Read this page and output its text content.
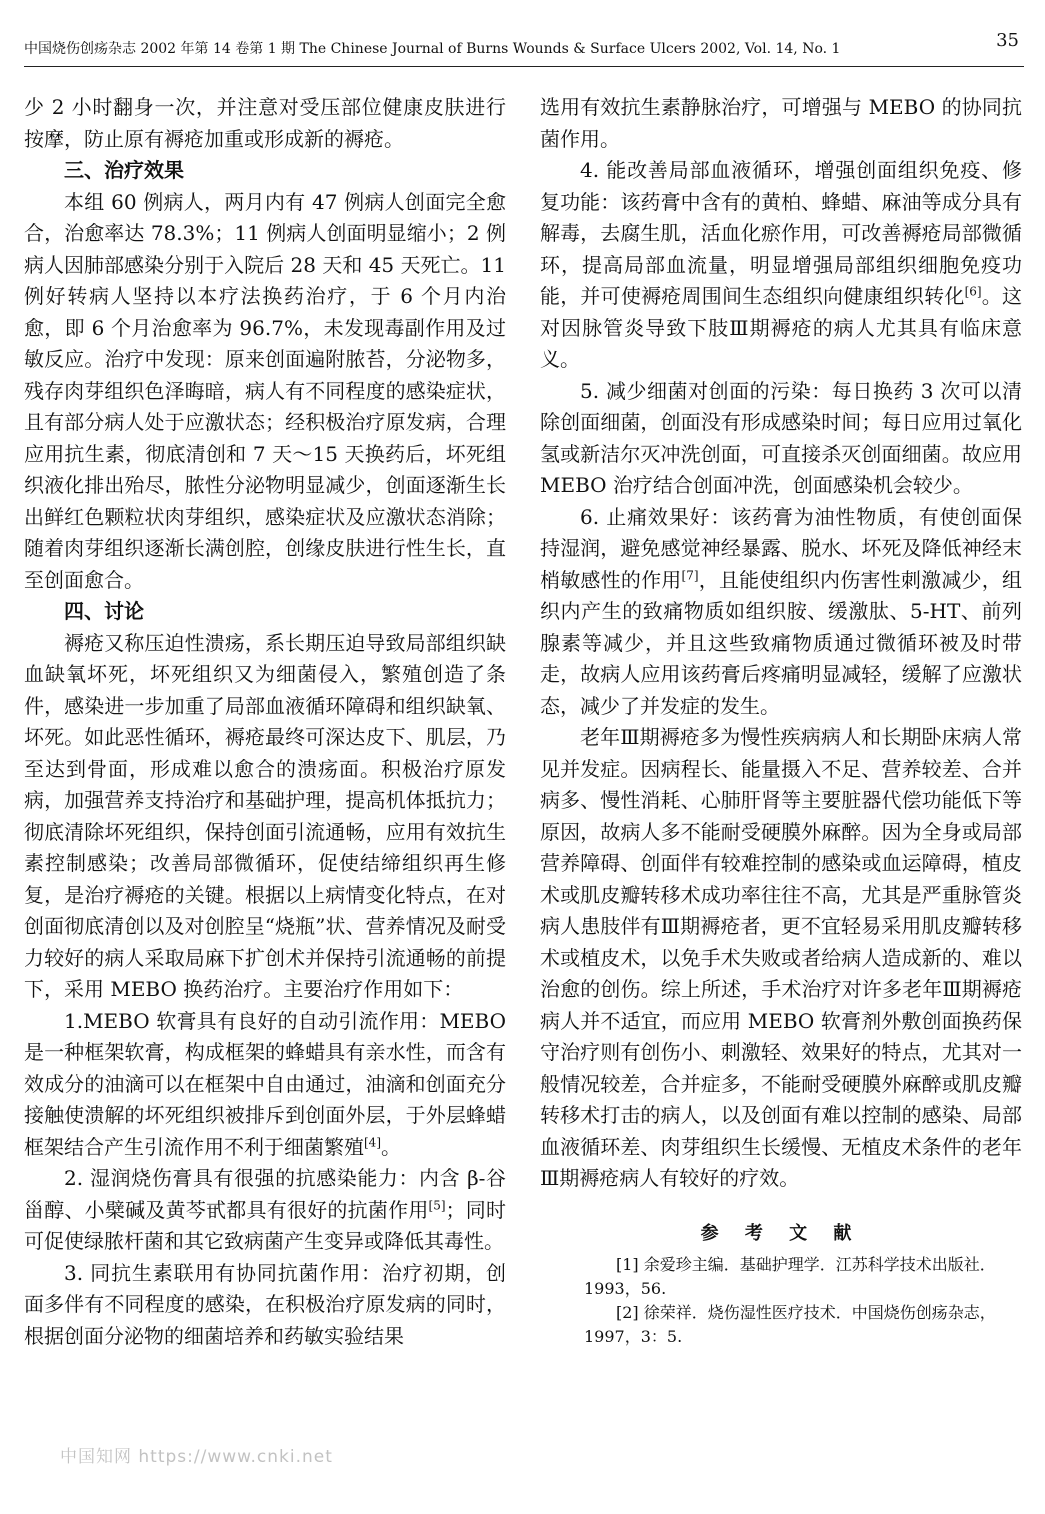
中国烧伤创疡杂志 2002 年第 14 卷第 1 期 The Chinese Journal of Burns Wounds & Surface Ulcers 2002, Vol. 14, No. 1	35

少 2 小时翻身一次，并注意对受压部位健康皮肤进行按摩，防止原有褥疮加重或形成新的褥疮。

三、治疗效果

本组 60 例病人，两月内有 47 例病人创面完全愈合，治愈率达 78.3%；11 例病人创面明显缩小；2 例病人因肺部感染分别于入院后 28 天和 45 天死亡。11 例好转病人坚持以本疗法换药治疗，于 6 个月内治愈，即 6 个月治愈率为 96.7%，未发现毒副作用及过敏反应。治疗中发现：原来创面遍附脓苔，分泌物多，残存肉芽组织色泽晦暗，病人有不同程度的感染症状，且有部分病人处于应激状态；经积极治疗原发病，合理应用抗生素，彻底清创和 7 天～15 天换药后，坏死组织液化排出殆尽，脓性分泌物明显减少，创面逐渐生长出鲜红色颗粒状肉芽组织，感染症状及应激状态消除；随着肉芽组织逐渐长满创腔，创缘皮肤进行性生长，直至创面愈合。

四、讨论

褥疮又称压迫性溃疡，系长期压迫导致局部组织缺血缺氧坏死，坏死组织又为细菌侵入，繁殖创造了条件，感染进一步加重了局部血液循环障碍和组织缺氧、坏死。如此恶性循环，褥疮最终可深达皮下、肌层，乃至达到骨面，形成难以愈合的溃疡面。积极治疗原发病，加强营养支持治疗和基础护理，提高机体抵抗力；彻底清除坏死组织，保持创面引流通畅，应用有效抗生素控制感染；改善局部微循环，促使结缔组织再生修复，是治疗褥疮的关键。根据以上病情变化特点，在对创面彻底清创以及对创腔呈“烧瓶”状、营养情况及耐受力较好的病人采取局麻下扩创术并保持引流通畅的前提下，采用 MEBO 换药治疗。主要治疗作用如下：

1.MEBO 软膏具有良好的自动引流作用：MEBO 是一种框架软膏，构成框架的蜂蜡具有亲水性，而含有效成分的油滴可以在框架中自由通过，油滴和创面充分接触使溃解的坏死组织被排斥到创面外层，于外层蜂蜡框架结合产生引流作用不利于细菌繁殖[4]。

2. 湿润烧伤膏具有很强的抗感染能力：内含 β-谷甾醇、小檗碱及黄芩甙都具有很好的抗菌作用[5]；同时可促使绿脓杆菌和其它致病菌产生变异或降低其毒性。

3. 同抗生素联用有协同抗菌作用：治疗初期，创面多伴有不同程度的感染，在积极治疗原发病的同时，根据创面分泌物的细菌培养和药敏实验结果

选用有效抗生素静脉治疗，可增强与 MEBO 的协同抗菌作用。

4. 能改善局部血液循环，增强创面组织免疫、修复功能：该药膏中含有的黄柏、蜂蜡、麻油等成分具有解毒，去腐生肌，活血化瘀作用，可改善褥疮局部微循环，提高局部血流量，明显增强局部组织细胞免疫功能，并可使褥疮周围间生态组织向健康组织转化[6]。这对因脉管炎导致下肢Ⅲ期褥疮的病人尤其具有临床意义。

5. 减少细菌对创面的污染：每日换药 3 次可以清除创面细菌，创面没有形成感染时间；每日应用过氧化氢或新洁尔灭冲洗创面，可直接杀灭创面细菌。故应用 MEBO 治疗结合创面冲洗，创面感染机会较少。

6. 止痛效果好：该药膏为油性物质，有使创面保持湿润，避免感觉神经暴露、脱水、坏死及降低神经末梢敏感性的作用[7]，且能使组织内伤害性刺激减少，组织内产生的致痛物质如组织胺、缓激肽、5-HT、前列腺素等减少，并且这些致痛物质通过微循环被及时带走，故病人应用该药膏后疼痛明显减轻，缓解了应激状态，减少了并发症的发生。

老年Ⅲ期褥疮多为慢性疾病病人和长期卧床病人常见并发症。因病程长、能量摄入不足、营养较差、合并病多、慢性消耗、心肺肝肾等主要脏器代偿功能低下等原因，故病人多不能耐受硬膜外麻醉。因为全身或局部营养障碍、创面伴有较难控制的感染或血运障碍，植皮术或肌皮瓣转移术成功率往往不高，尤其是严重脉管炎病人患肢伴有Ⅲ期褥疮者，更不宜轻易采用肌皮瓣转移术或植皮术，以免手术失败或者给病人造成新的、难以治愈的创伤。综上所述，手术治疗对许多老年Ⅲ期褥疮病人并不适宜，而应用 MEBO 软膏剂外敷创面换药保守治疗则有创伤小、刺激轻、效果好的特点，尤其对一般情况较差，合并症多，不能耐受硬膜外麻醉或肌皮瓣转移术打击的病人，以及创面有难以控制的感染、局部血液循环差、肉芽组织生长缓慢、无植皮术条件的老年Ⅲ期褥疮病人有较好的疗效。

参 考 文 献

[1] 余爱珍主编．基础护理学．江苏科学技术出版社．1993，56.

[2] 徐荣祥．烧伤湿性医疗技术．中国烧伤创疡杂志，1997，3：5.

中国知网 https://www.cnki.net
